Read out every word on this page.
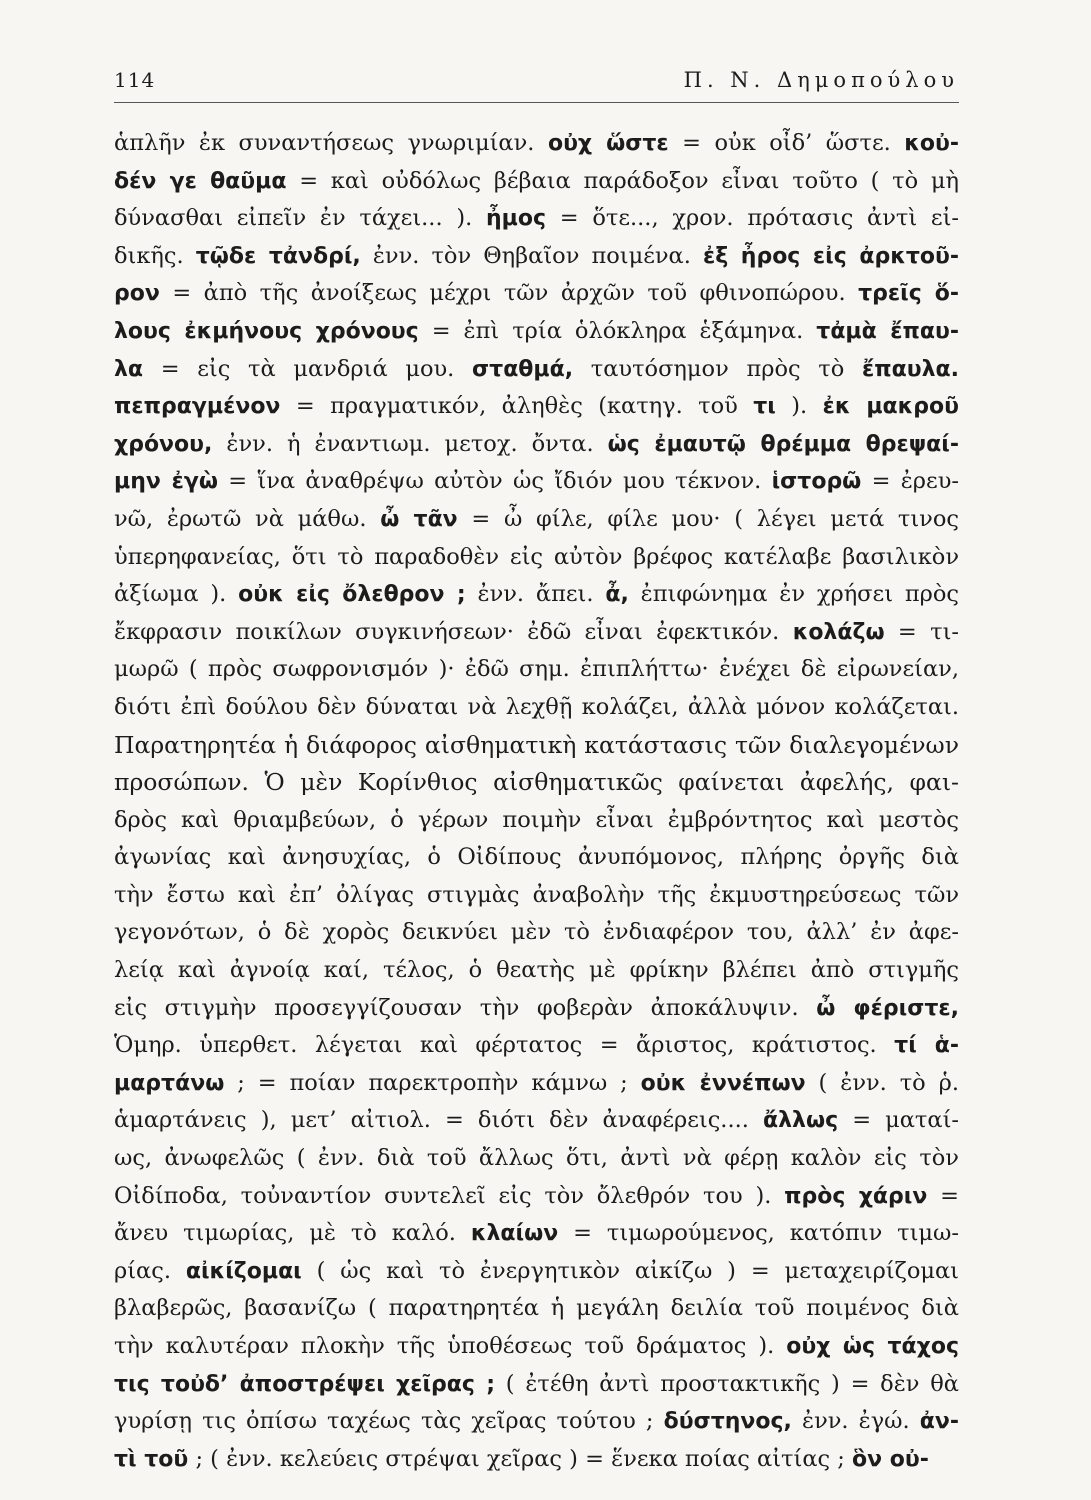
114	Π. Ν. Δημοπούλου
ἁπλῆν ἐκ συναντήσεως γνωριμίαν. οὐχ ὥστε = οὐκ οἶδ’ ὥστε. κοὐ-
δέν γε θαῦμα = καὶ οὐδόλως βέβαια παράδοξον εἶναι τοῦτο ( τὸ μὴ
δύνασθαι εἰπεῖν ἐν τάχει... ). ἦμος = ὅτε..., χρον. πρότασις ἀντὶ εἰ-
δικῆς. τῷδε τἀνδρί, ἐνν. τὸν Θηβαῖον ποιμένα. ἐξ ἦρος εἰς ἀρκτοῦ-
ρον = ἀπὸ τῆς ἀνοίξεως μέχρι τῶν ἀρχῶν τοῦ φθινοπώρου. τρεῖς ὅ-
λους ἐκμήνους χρόνους = ἐπὶ τρία ὁλόκληρα ἑξάμηνα. τἀμὰ ἔπαυ-
λα = εἰς τὰ μανδριά μου. σταθμά, ταυτόσημον πρὸς τὸ ἔπαυλα.
πεπραγμένον = πραγματικόν, ἀληθὲς (κατηγ. τοῦ τι ). ἐκ μακροῦ
χρόνου, ἐνν. ἡ ἐναντιωμ. μετοχ. ὄντα. ὡς ἐμαυτῷ θρέμμα θρεψαί-
μην ἐγὼ = ἵνα ἀναθρέψω αὐτὸν ὡς ἴδιόν μου τέκνον. ἱστορῶ = ἐρευ-
νῶ, ἐρωτῶ νὰ μάθω. ὦ τᾶν = ὦ φίλε, φίλε μου· ( λέγει μετά τινος
ὑπερηφανείας, ὅτι τὸ παραδοθὲν εἰς αὐτὸν βρέφος κατέλαβε βασιλικὸν
ἀξίωμα ). οὐκ εἰς ὄλεθρον ; ἐνν. ἄπει. ἆ, ἐπιφώνημα ἐν χρήσει πρὸς
ἔκφρασιν ποικίλων συγκινήσεων· ἐδῶ εἶναι ἐφεκτικόν. κολάζω = τι-
μωρῶ ( πρὸς σωφρονισμόν )· ἐδῶ σημ. ἐπιπλήττω· ἐνέχει δὲ εἰρωνείαν,
διότι ἐπὶ δούλου δὲν δύναται νὰ λεχθῇ κολάζει, ἀλλὰ μόνον κολάζεται.
Παρατηρητέα ἡ διάφορος αἰσθηματικὴ κατάστασις τῶν διαλεγομένων
προσώπων. Ὁ μὲν Κορίνθιος αἰσθηματικῶς φαίνεται ἀφελής, φαι-
δρὸς καὶ θριαμβεύων, ὁ γέρων ποιμὴν εἶναι ἐμβρόντητος καὶ μεστὸς
ἀγωνίας καὶ ἀνησυχίας, ὁ Οἰδίπους ἀνυπόμονος, πλήρης ὀργῆς διὰ
τὴν ἔστω καὶ ἐπ’ ὀλίγας στιγμὰς ἀναβολὴν τῆς ἐκμυστηρεύσεως τῶν
γεγονότων, ὁ δὲ χορὸς δεικνύει μὲν τὸ ἐνδιαφέρον του, ἀλλ’ ἐν ἀφε-
λείᾳ καὶ ἀγνοίᾳ καί, τέλος, ὁ θεατὴς μὲ φρίκην βλέπει ἀπὸ στιγμῆς
εἰς στιγμὴν προσεγγίζουσαν τὴν φοβερὰν ἀποκάλυψιν. ὦ φέριστε,
Ὁμηρ. ὑπερθετ. λέγεται καὶ φέρτατος = ἄριστος, κράτιστος. τί ἁ-
μαρτάνω ; = ποίαν παρεκτροπὴν κάμνω ; οὐκ ἐννέπων ( ἐνν. τὸ ῥ.
ἁμαρτάνεις ), μετ’ αἰτιολ. = διότι δὲν ἀναφέρεις.... ἄλλως = ματαί-
ως, ἀνωφελῶς ( ἐνν. διὰ τοῦ ἄλλως ὅτι, ἀντὶ νὰ φέρῃ καλὸν εἰς τὸν
Οἰδίποδα, τοὐναντίον συντελεῖ εἰς τὸν ὄλεθρόν του ). πρὸς χάριν =
ἄνευ τιμωρίας, μὲ τὸ καλό. κλαίων = τιμωρούμενος, κατόπιν τιμω-
ρίας. αἰκίζομαι ( ὡς καὶ τὸ ἐνεργητικὸν αἰκίζω ) = μεταχειρίζομαι
βλαβερῶς, βασανίζω ( παρατηρητέα ἡ μεγάλη δειλία τοῦ ποιμένος διὰ
τὴν καλυτέραν πλοκὴν τῆς ὑποθέσεως τοῦ δράματος ). οὐχ ὡς τάχος
τις τοὐδ’ ἀποστρέψει χεῖρας ; ( ἐτέθη ἀντὶ προστακτικῆς ) = δὲν θὰ
γυρίσῃ τις ὀπίσω ταχέως τὰς χεῖρας τούτου ; δύστηνος, ἐνν. ἐγώ. ἀν-
τὶ τοῦ ; ( ἐνν. κελεύεις στρέψαι χεῖρας ) = ἕνεκα ποίας αἰτίας ; ὃν οὐ-
